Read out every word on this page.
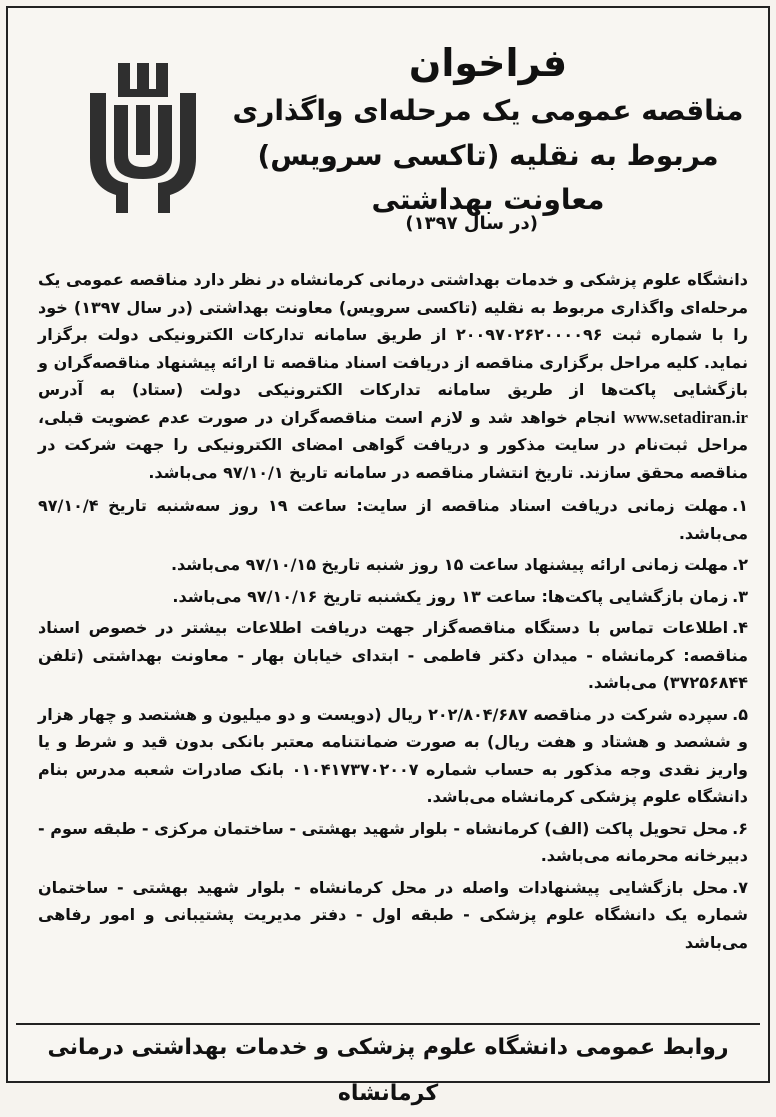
فراخوان

مناقصه عمومی یک مرحله‌ای واگذاری

مربوط به نقلیه (تاکسی سرویس) معاونت بهداشتی

(در سال ۱۳۹۷)

دانشگاه علوم پزشکی و خدمات بهداشتی درمانی کرمانشاه در نظر دارد مناقصه عمومی یک مرحله‌ای واگذاری مربوط به نقلیه (تاکسی سرویس) معاونت بهداشتی (در سال ۱۳۹۷) خود را با شماره ثبت ۲۰۰۹۷۰۲۶۲۰۰۰۰۹۶ از طریق سامانه تدارکات الکترونیکی دولت برگزار نماید. کلیه مراحل برگزاری مناقصه از دریافت اسناد مناقصه تا ارائه پیشنهاد مناقصه‌گران و بازگشایی پاکت‌ها از طریق سامانه تدارکات الکترونیکی دولت (ستاد) به آدرس www.setadiran.ir انجام خواهد شد و لازم است مناقصه‌گران در صورت عدم عضویت قبلی، مراحل ثبت‌نام در سایت مذکور و دریافت گواهی امضای الکترونیکی را جهت شرکت در مناقصه محقق سازند. تاریخ انتشار مناقصه در سامانه تاریخ ۹۷/۱۰/۱ می‌باشد.

۱.مهلت زمانی دریافت اسناد مناقصه از سایت: ساعت ۱۹ روز سه‌شنبه تاریخ ۹۷/۱۰/۴ می‌باشد.

۲.مهلت زمانی ارائه پیشنهاد ساعت ۱۵ روز شنبه تاریخ ۹۷/۱۰/۱۵ می‌باشد.

۳.زمان بازگشایی پاکت‌ها: ساعت ۱۳ روز یکشنبه تاریخ ۹۷/۱۰/۱۶ می‌باشد.

۴.اطلاعات تماس با دستگاه مناقصه‌گزار جهت دریافت اطلاعات بیشتر در خصوص اسناد مناقصه: کرمانشاه - میدان دکتر فاطمی - ابتدای خیابان بهار - معاونت بهداشتی (تلفن ۳۷۲۵۶۸۴۴) می‌باشد.

۵.سپرده شرکت در مناقصه ۲۰۲/۸۰۴/۶۸۷ ریال (دویست و دو میلیون و هشتصد و چهار هزار و ششصد و هشتاد و هفت ریال) به صورت ضمانتنامه معتبر بانکی بدون قید و شرط و یا واریز نقدی وجه مذکور به حساب شماره ۰۱۰۴۱۷۳۷۰۲۰۰۷ بانک صادرات شعبه مدرس بنام دانشگاه علوم پزشکی کرمانشاه می‌باشد.

۶.محل تحویل پاکت (الف) کرمانشاه - بلوار شهید بهشتی - ساختمان مرکزی - طبقه سوم - دبیرخانه محرمانه می‌باشد.

۷.محل بازگشایی پیشنهادات واصله در محل کرمانشاه - بلوار شهید بهشتی - ساختمان شماره یک دانشگاه علوم پزشکی - طبقه اول - دفتر مدیریت پشتیبانی و امور رفاهی می‌باشد

روابط عمومی دانشگاه علوم پزشکی و خدمات بهداشتی درمانی کرمانشاه
